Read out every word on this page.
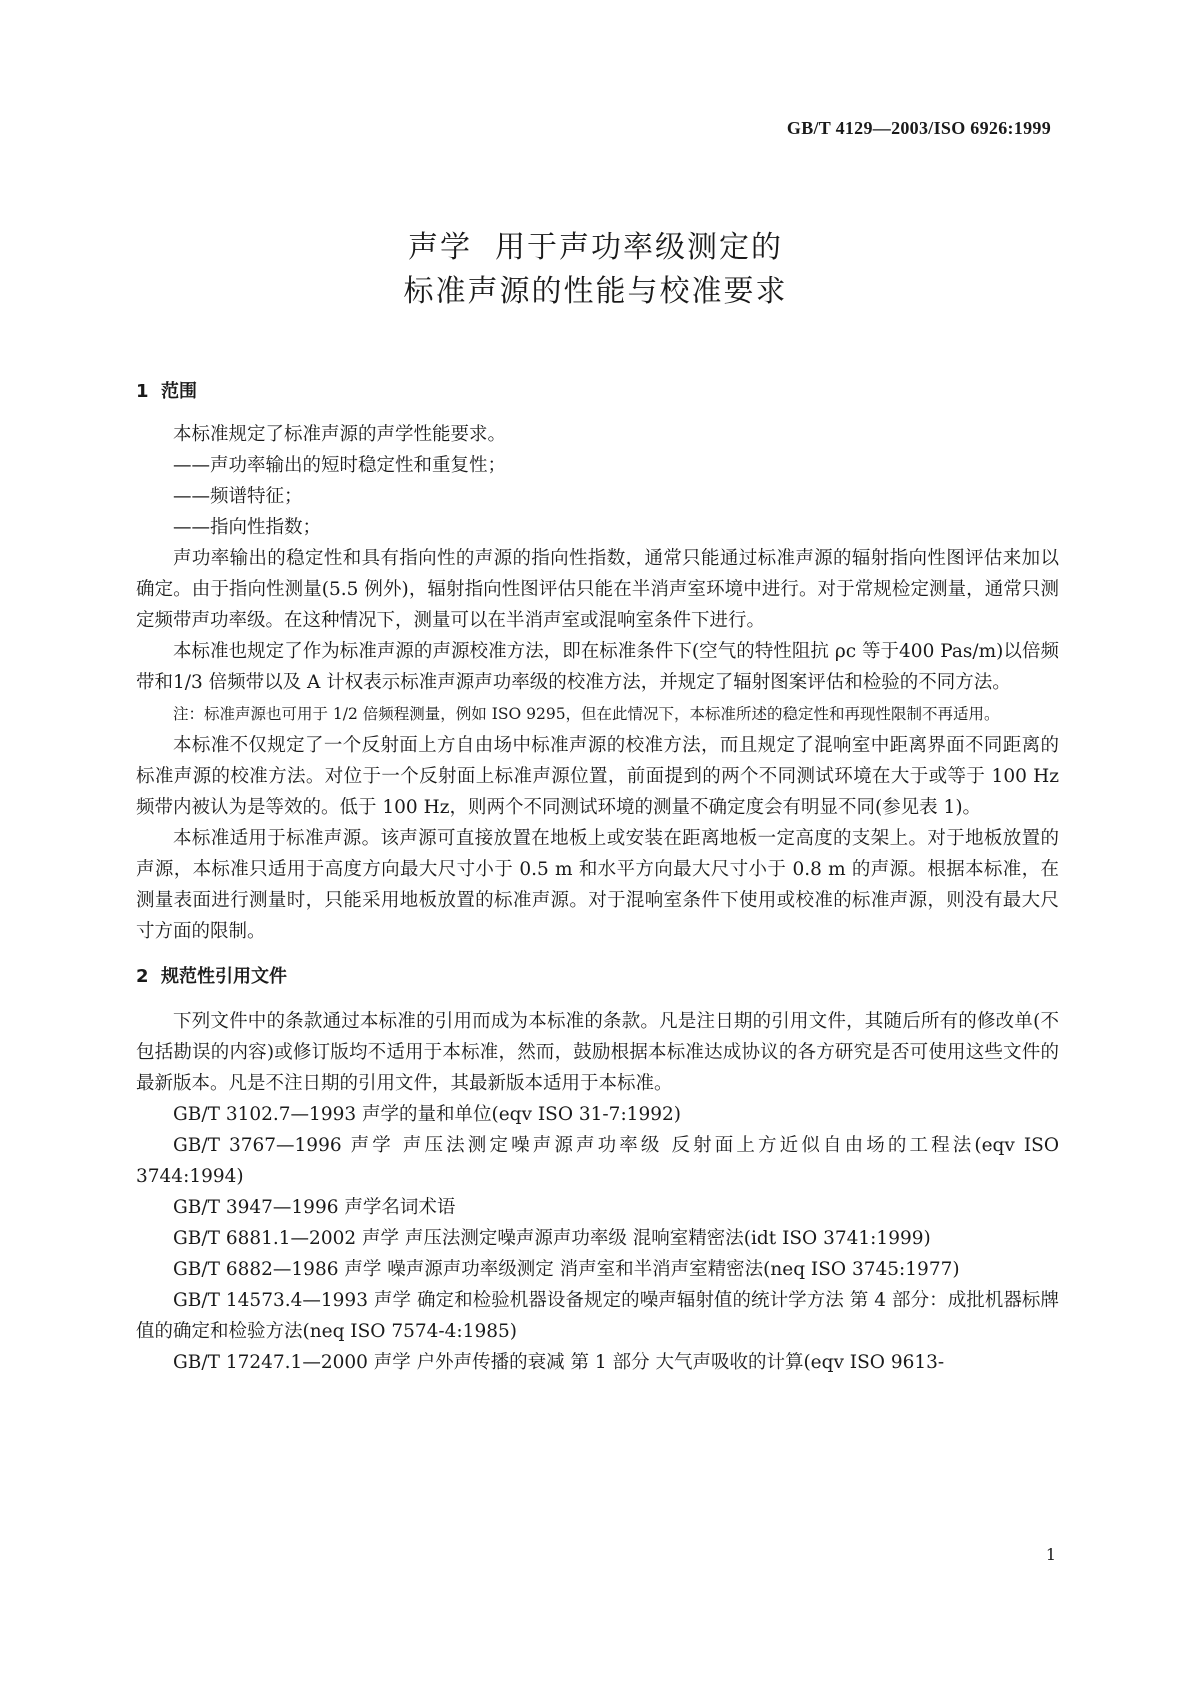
GB/T 4129—2003/ISO 6926:1999
声学  用于声功率级测定的
标准声源的性能与校准要求
1  范围

本标准规定了标准声源的声学性能要求。

——声功率输出的短时稳定性和重复性；
——频谱特征；
——指向性指数；

声功率输出的稳定性和具有指向性的声源的指向性指数，通常只能通过标准声源的辐射指向性图评估来加以确定。由于指向性测量(5.5 例外)，辐射指向性图评估只能在半消声室环境中进行。对于常规检定测量，通常只测定频带声功率级。在这种情况下，测量可以在半消声室或混响室条件下进行。

本标准也规定了作为标准声源的声源校准方法，即在标准条件下(空气的特性阻抗 ρc 等于400 Pas/m)以倍频带和1/3 倍频带以及 A 计权表示标准声源声功率级的校准方法，并规定了辐射图案评估和检验的不同方法。

注：标准声源也可用于 1/2 倍频程测量，例如 ISO 9295，但在此情况下，本标准所述的稳定性和再现性限制不再适用。

本标准不仅规定了一个反射面上方自由场中标准声源的校准方法，而且规定了混响室中距离界面不同距离的标准声源的校准方法。对位于一个反射面上标准声源位置，前面提到的两个不同测试环境在大于或等于 100 Hz 频带内被认为是等效的。低于 100 Hz，则两个不同测试环境的测量不确定度会有明显不同(参见表 1)。

本标准适用于标准声源。该声源可直接放置在地板上或安装在距离地板一定高度的支架上。对于地板放置的声源，本标准只适用于高度方向最大尺寸小于 0.5 m 和水平方向最大尺寸小于 0.8 m 的声源。根据本标准，在测量表面进行测量时，只能采用地板放置的标准声源。对于混响室条件下使用或校准的标准声源，则没有最大尺寸方面的限制。

2  规范性引用文件

下列文件中的条款通过本标准的引用而成为本标准的条款。凡是注日期的引用文件，其随后所有的修改单(不包括勘误的内容)或修订版均不适用于本标准，然而，鼓励根据本标准达成协议的各方研究是否可使用这些文件的最新版本。凡是不注日期的引用文件，其最新版本适用于本标准。

GB/T 3102.7—1993 声学的量和单位(eqv ISO 31-7:1992)
GB/T 3767—1996 声学 声压法测定噪声源声功率级 反射面上方近似自由场的工程法(eqv ISO 3744:1994)
GB/T 3947—1996 声学名词术语
GB/T 6881.1—2002 声学 声压法测定噪声源声功率级 混响室精密法(idt ISO 3741:1999)
GB/T 6882—1986 声学 噪声源声功率级测定 消声室和半消声室精密法(neq ISO 3745:1977)
GB/T 14573.4—1993 声学 确定和检验机器设备规定的噪声辐射值的统计学方法 第 4 部分：成批机器标牌值的确定和检验方法(neq ISO 7574-4:1985)
GB/T 17247.1—2000 声学 户外声传播的衰减 第 1 部分 大气声吸收的计算(eqv ISO 9613-
1
